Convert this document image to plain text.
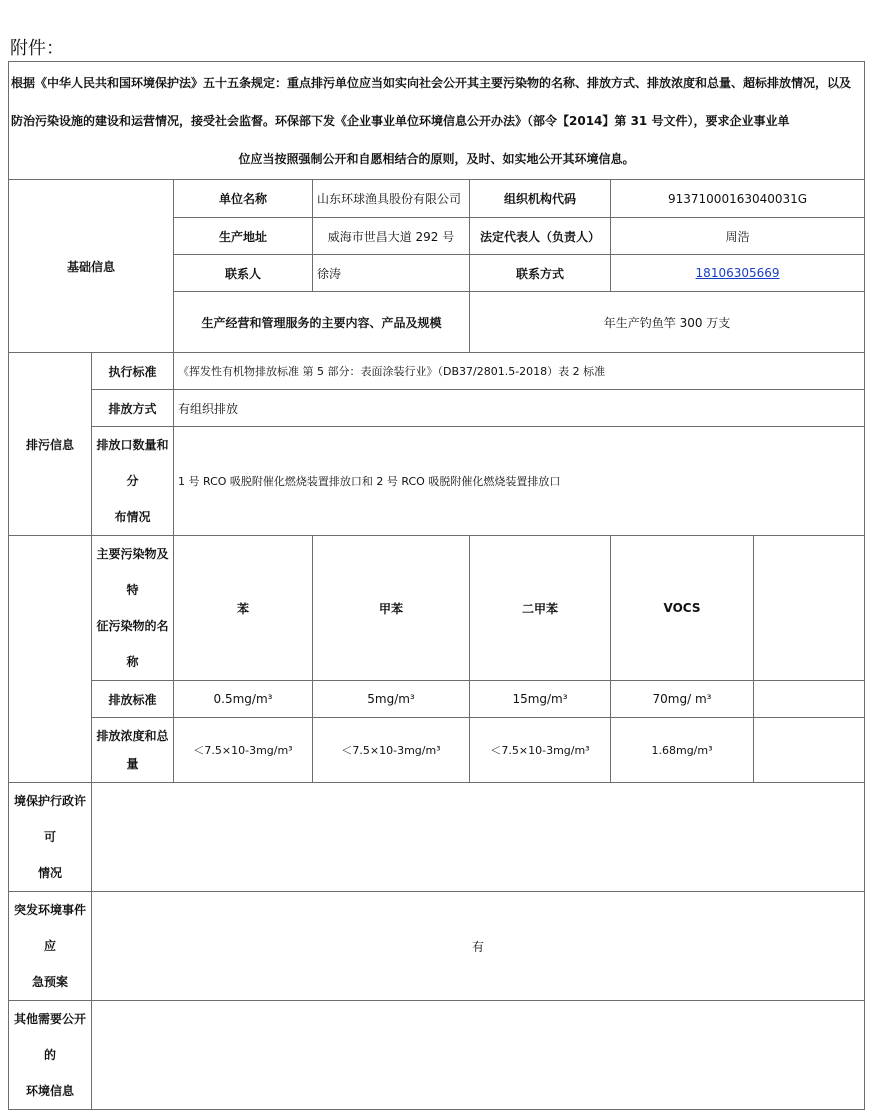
附件：
根据《中华人民共和国环境保护法》五十五条规定：重点排污单位应当如实向社会公开其主要污染物的名称、排放方式、排放浓度和总量、超标排放情况，以及防治污染设施的建设和运营情况，接受社会监督。环保部下发《企业事业单位环境信息公开办法》（部令【2014】第 31 号文件），要求企业事业单
位应当按照强制公开和自愿相结合的原则，及时、如实地公开其环境信息。						

基础信息		单位名称	山东环球渔具股份有限公司	组织机构代码	91371000163040031G	
		生产地址	威海市世昌大道 292 号	法定代表人（负责人）	周浩	
		联系人	徐涛	联系方式	18106305669	
		生产经营和管理服务的主要内容、产品及规模		年生产钓鱼竿 300 万支		
排污信息	执行标准	《挥发性有机物排放标准 第 5 部分：表面涂装行业》（DB37/2801.5-2018）表 2 标准				
	排放方式	有组织排放				

	排放口数量和分
布情况	1 号 RCO 吸脱附催化燃烧装置排放口和 2 号 RCO 吸脱附催化燃烧装置排放口				

	主要污染物及特
征污染物的名称	苯	甲苯	二甲苯	VOCS	
	排放标准	0.5mg/m³	5mg/m³	15mg/m³	70mg/ m³	

	排放浓度和总
量	＜7.5×10-3mg/m³	＜7.5×10-3mg/m³	＜7.5×10-3mg/m³	1.68mg/m³	

境保护行政许可
情况						

突发环境事件应
急预案	有					

其他需要公开的
环境信息						
